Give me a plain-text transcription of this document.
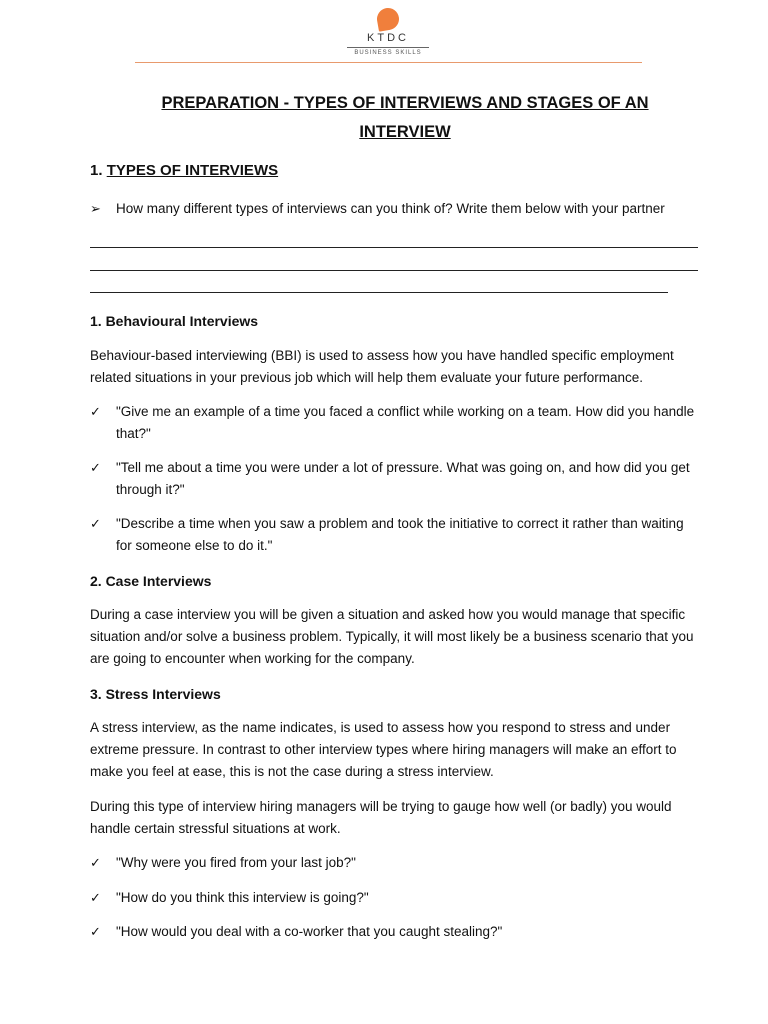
KTDC
BUSINESS SKILLS
PREPARATION - TYPES OF INTERVIEWS AND STAGES OF AN
INTERVIEW
1. TYPES OF INTERVIEWS
➢	How many different types of interviews can you think of? Write them below with your partner
1. Behavioural Interviews
Behaviour-based interviewing (BBI) is used to assess how you have handled specific employment related situations in your previous job which will help them evaluate your future performance.
✓	"Give me an example of a time you faced a conflict while working on a team. How did you handle that?"
✓	"Tell me about a time you were under a lot of pressure. What was going on, and how did you get through it?"
✓	"Describe a time when you saw a problem and took the initiative to correct it rather than waiting for someone else to do it."
2. Case Interviews
During a case interview you will be given a situation and asked how you would manage that specific situation and/or solve a business problem. Typically, it will most likely be a business scenario that you are going to encounter when working for the company.
3. Stress Interviews
A stress interview, as the name indicates, is used to assess how you respond to stress and under extreme pressure. In contrast to other interview types where hiring managers will make an effort to make you feel at ease, this is not the case during a stress interview.
During this type of interview hiring managers will be trying to gauge how well (or badly) you would handle certain stressful situations at work.
✓	"Why were you fired from your last job?"
✓	"How do you think this interview is going?"
✓	"How would you deal with a co-worker that you caught stealing?"
